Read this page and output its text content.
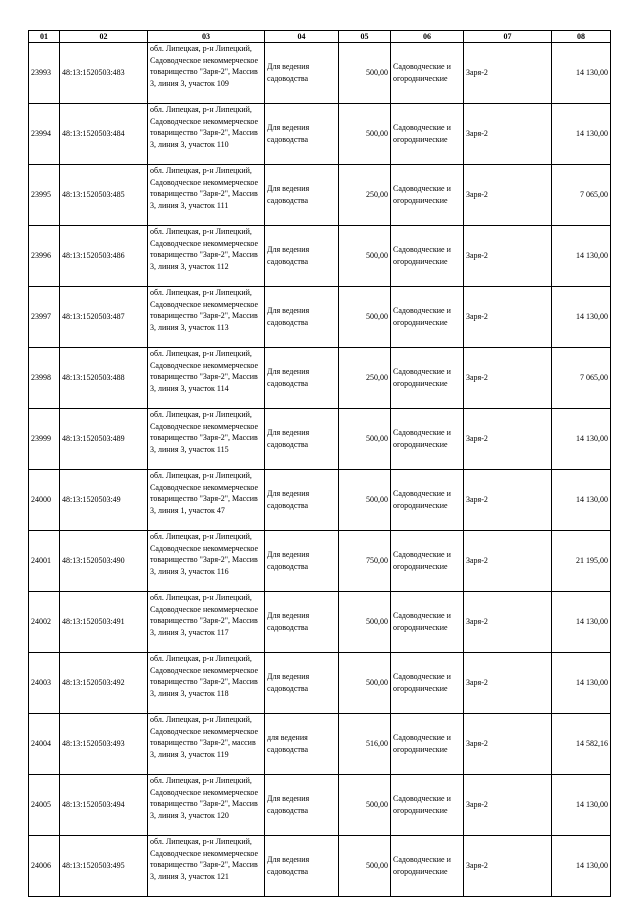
01	02	03	04	05	06	07	08
23993	48:13:1520503:483	обл. Липецкая, р-н Липецкий, Садоводческое некоммерческое товарищество "Заря-2", Массив 3, линия 3, участок 109	Для ведения садоводства	500,00	Садоводческие и огороднические	Заря-2	14 130,00
23994	48:13:1520503:484	обл. Липецкая, р-н Липецкий, Садоводческое некоммерческое товарищество "Заря-2", Массив 3, линия 3, участок 110	Для ведения садоводства	500,00	Садоводческие и огороднические	Заря-2	14 130,00
23995	48:13:1520503:485	обл. Липецкая, р-н Липецкий, Садоводческое некоммерческое товарищество "Заря-2", Массив 3, линия 3, участок 111	Для ведения садоводства	250,00	Садоводческие и огороднические	Заря-2	7 065,00
23996	48:13:1520503:486	обл. Липецкая, р-н Липецкий, Садоводческое некоммерческое товарищество "Заря-2", Массив 3, линия 3, участок 112	Для ведения садоводства	500,00	Садоводческие и огороднические	Заря-2	14 130,00
23997	48:13:1520503:487	обл. Липецкая, р-н Липецкий, Садоводческое некоммерческое товарищество "Заря-2", Массив 3, линия 3, участок 113	Для ведения садоводства	500,00	Садоводческие и огороднические	Заря-2	14 130,00
23998	48:13:1520503:488	обл. Липецкая, р-н Липецкий, Садоводческое некоммерческое товарищество "Заря-2", Массив 3, линия 3, участок 114	Для ведения садоводства	250,00	Садоводческие и огороднические	Заря-2	7 065,00
23999	48:13:1520503:489	обл. Липецкая, р-н Липецкий, Садоводческое некоммерческое товарищество "Заря-2", Массив 3, линия 3, участок 115	Для ведения садоводства	500,00	Садоводческие и огороднические	Заря-2	14 130,00
24000	48:13:1520503:49	обл. Липецкая, р-н Липецкий, Садоводческое некоммерческое товарищество "Заря-2", Массив 3, линия 1, участок 47	Для ведения садоводства	500,00	Садоводческие и огороднические	Заря-2	14 130,00
24001	48:13:1520503:490	обл. Липецкая, р-н Липецкий, Садоводческое некоммерческое товарищество "Заря-2", Массив 3, линия 3, участок 116	Для ведения садоводства	750,00	Садоводческие и огороднические	Заря-2	21 195,00
24002	48:13:1520503:491	обл. Липецкая, р-н Липецкий, Садоводческое некоммерческое товарищество "Заря-2", Массив 3, линия 3, участок 117	Для ведения садоводства	500,00	Садоводческие и огороднические	Заря-2	14 130,00
24003	48:13:1520503:492	обл. Липецкая, р-н Липецкий, Садоводческое некоммерческое товарищество "Заря-2", Массив 3, линия 3, участок 118	Для ведения садоводства	500,00	Садоводческие и огороднические	Заря-2	14 130,00
24004	48:13:1520503:493	обл. Липецкая, р-н Липецкий, Садоводческое некоммерческое товарищество "Заря-2", массив 3, линия 3, участок 119	для ведения садоводства	516,00	Садоводческие и огороднические	Заря-2	14 582,16
24005	48:13:1520503:494	обл. Липецкая, р-н Липецкий, Садоводческое некоммерческое товарищество "Заря-2", Массив 3, линия 3, участок 120	Для ведения садоводства	500,00	Садоводческие и огороднические	Заря-2	14 130,00
24006	48:13:1520503:495	обл. Липецкая, р-н Липецкий, Садоводческое некоммерческое товарищество "Заря-2", Массив 3, линия 3, участок 121	Для ведения садоводства	500,00	Садоводческие и огороднические	Заря-2	14 130,00
